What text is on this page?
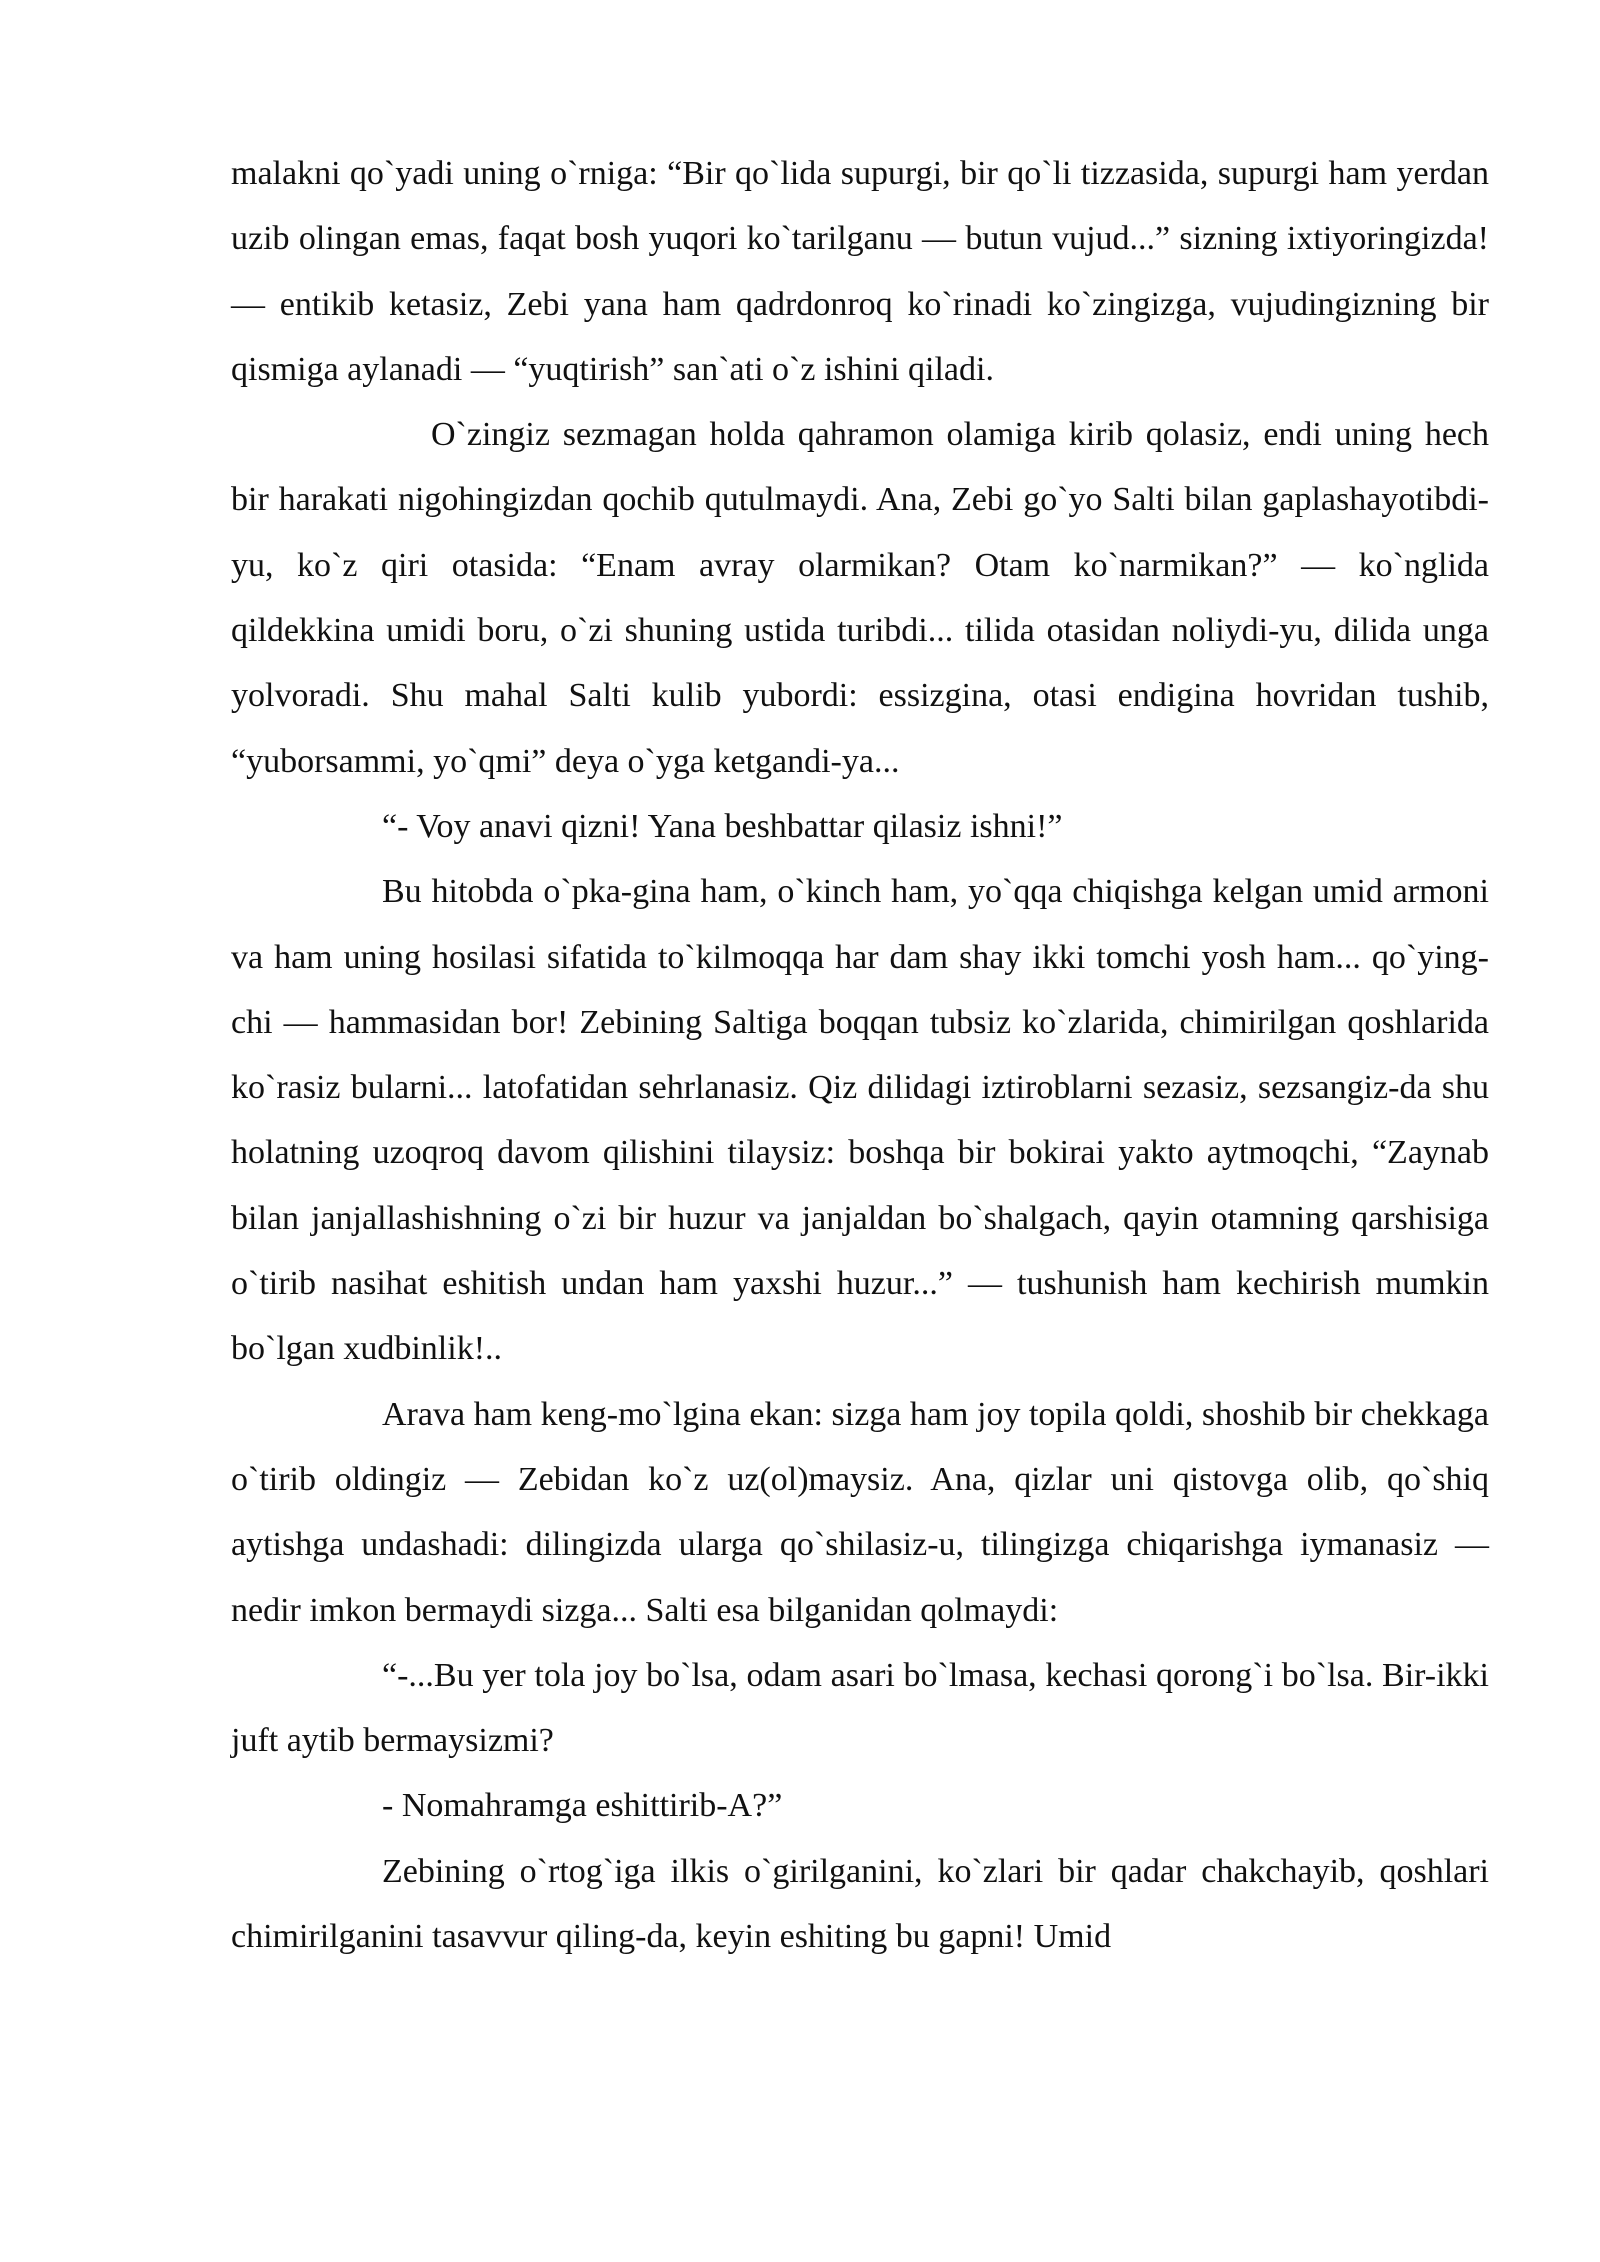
malakni qo`yadi uning o`rniga: “Bir qo`lida supurgi, bir qo`li tizzasida, supurgi ham yerdan uzib olingan emas, faqat bosh yuqori ko`tarilganu — butun vujud...” sizning ixtiyoringizda! — entikib ketasiz, Zebi yana ham qadrdonroq ko`rinadi ko`zingizga, vujudingizning bir qismiga aylanadi — “yuqtirish” san`ati o`z ishini qiladi.

O`zingiz sezmagan holda qahramon olamiga kirib qolasiz, endi uning hech bir harakati nigohingizdan qochib qutulmaydi. Ana, Zebi go`yo Salti bilan gaplashayotibdi-yu, ko`z qiri otasida: “Enam avray olarmikan? Otam ko`narmikan?” — ko`nglida qildekkina umidi boru, o`zi shuning ustida turibdi... tilida otasidan noliydi-yu, dilida unga yolvoradi. Shu mahal Salti kulib yubordi: essizgina, otasi endigina hovridan tushib, “yuborsammi, yo`qmi” deya o`yga ketgandi-ya...

“- Voy anavi qizni! Yana beshbattar qilasiz ishni!”

Bu hitobda o`pka-gina ham, o`kinch ham, yo`qqa chiqishga kelgan umid armoni va ham uning hosilasi sifatida to`kilmoqqa har dam shay ikki tomchi yosh ham... qo`ying-chi — hammasidan bor! Zebining Saltiga boqqan tubsiz ko`zlarida, chimirilgan qoshlarida ko`rasiz bularni... latofatidan sehrlanasiz. Qiz dilidagi iztiroblarni sezasiz, sezsangiz-da shu holatning uzoqroq davom qilishini tilaysiz: boshqa bir bokirai yakto aytmoqchi, “Zaynab bilan janjallashishning o`zi bir huzur va janjaldan bo`shalgach, qayin otamning qarshisiga o`tirib nasihat eshitish undan ham yaxshi huzur...” — tushunish ham kechirish mumkin bo`lgan xudbinlik!..

Arava ham keng-mo`lgina ekan: sizga ham joy topila qoldi, shoshib bir chekkaga o`tirib oldingiz — Zebidan ko`z uz(ol)maysiz. Ana, qizlar uni qistovga olib, qo`shiq aytishga undashadi: dilingizda ularga qo`shilasiz-u, tilingizga chiqarishga iymanasiz — nedir imkon bermaydi sizga... Salti esa bilganidan qolmaydi:

“-...Bu yer tola joy bo`lsa, odam asari bo`lmasa, kechasi qorong`i bo`lsa. Bir-ikki juft aytib bermaysizmi?

- Nomahramga eshittirib-A?”

Zebining o`rtog`iga ilkis o`girilganini, ko`zlari bir qadar chakchayib, qoshlari chimirilganini tasavvur qiling-da, keyin eshiting bu gapni! Umid
